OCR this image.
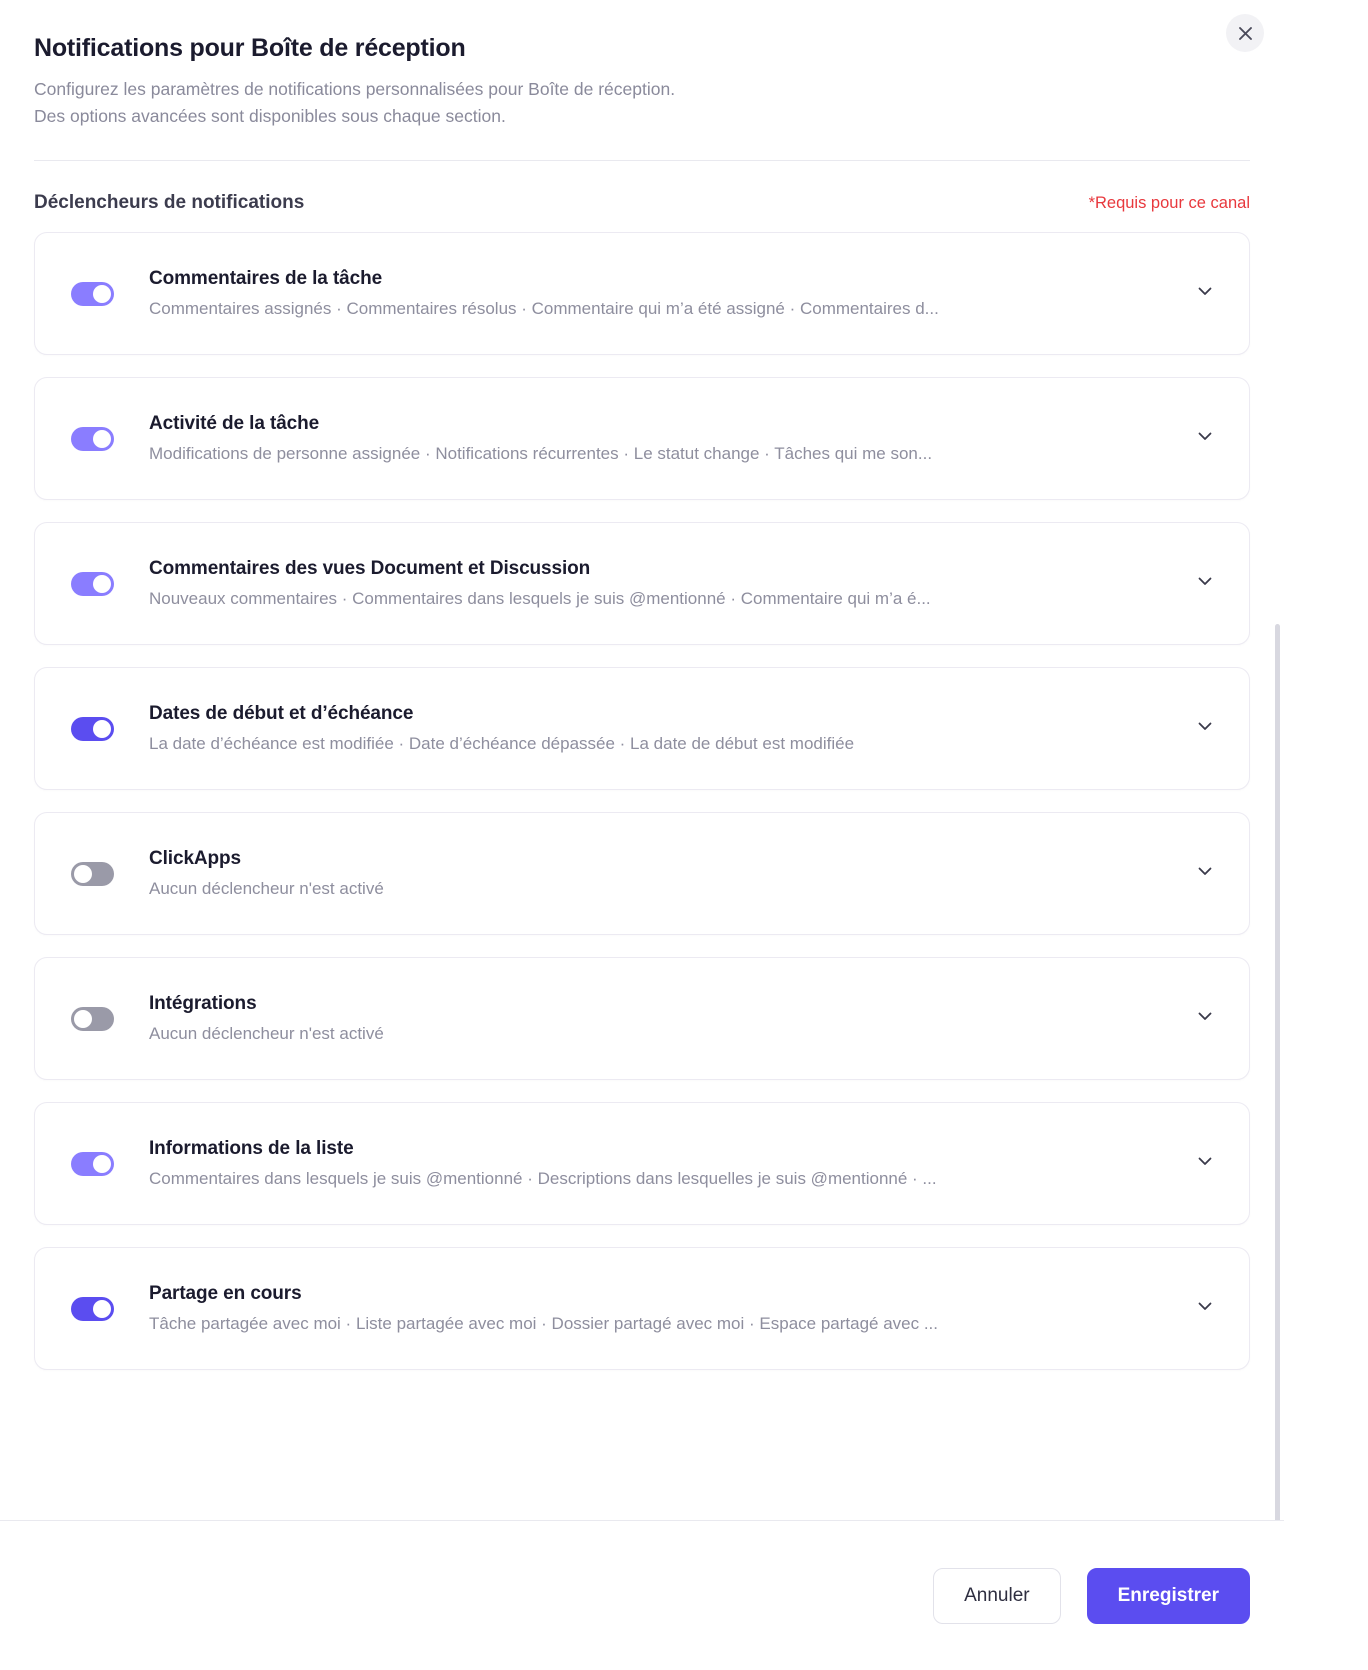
Notifications pour Boîte de réception
Configurez les paramètres de notifications personnalisées pour Boîte de réception.
Des options avancées sont disponibles sous chaque section.
Déclencheurs de notifications	*Requis pour ce canal
Commentaires de la tâche
Commentaires assignés · Commentaires résolus · Commentaire qui m’a été assigné · Commentaires d...
Activité de la tâche
Modifications de personne assignée · Notifications récurrentes · Le statut change · Tâches qui me son...
Commentaires des vues Document et Discussion
Nouveaux commentaires · Commentaires dans lesquels je suis @mentionné · Commentaire qui m’a é...
Dates de début et d’échéance
La date d’échéance est modifiée · Date d’échéance dépassée · La date de début est modifiée
ClickApps
Aucun déclencheur n'est activé
Intégrations
Aucun déclencheur n'est activé
Informations de la liste
Commentaires dans lesquels je suis @mentionné · Descriptions dans lesquelles je suis @mentionné · ...
Partage en cours
Tâche partagée avec moi · Liste partagée avec moi · Dossier partagé avec moi · Espace partagé avec ...
Annuler	Enregistrer
